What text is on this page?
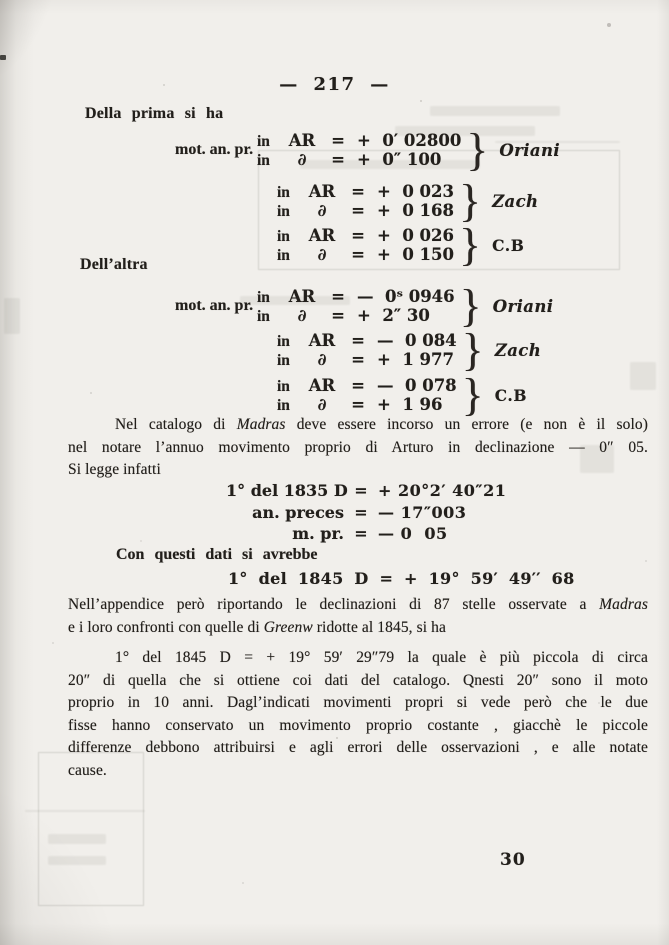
— 217 —
Della prima si ha
mot. an. pr. in	AR = +  0′ 02800
in	∂	= +  0″ 100 } Oriani
in	AR = +  0 023
in	∂	= +  0 168 } Zach
in	AR = +  0 026
in	∂	= +  0 150 } C.B
Dell’altra
mot. an. pr. in	AR = —  0ˢ 0946
in	∂	= +  2″ 30 } Oriani
in	AR = —  0 084
in	∂	= +  1 977 } Zach
in	AR = —  0 078
in	∂	= +  1 96 } C.B
Nel catalogo di Madras deve essere incorso un errore (e non è il solo)
nel notare l’annuo movimento proprio di Arturo in declinazione — 0″ 05.
Si legge infatti
1° del 1835 D = + 20°2′ 40″21
an. preces = — 17″003
m. pr. = — 0  05
Con questi dati si avrebbe
1° del 1845 D = + 19° 59′ 49′′ 68
Nell’appendice però riportando le declinazioni di 87 stelle osservate a Madras
e i loro confronti con quelle di Greenw ridotte al 1845, si ha
1° del 1845 D = + 19° 59′ 29″79 la quale è più piccola di circa
20″ di quella che si ottiene coi dati del catalogo. Qnesti 20″ sono il moto
proprio in 10 anni. Dagl’indicati movimenti propri si vede però che le due
fisse hanno conservato un movimento proprio costante , giacchè le piccole
differenze debbono attribuirsi e agli errori delle osservazioni , e alle notate
cause.
30
